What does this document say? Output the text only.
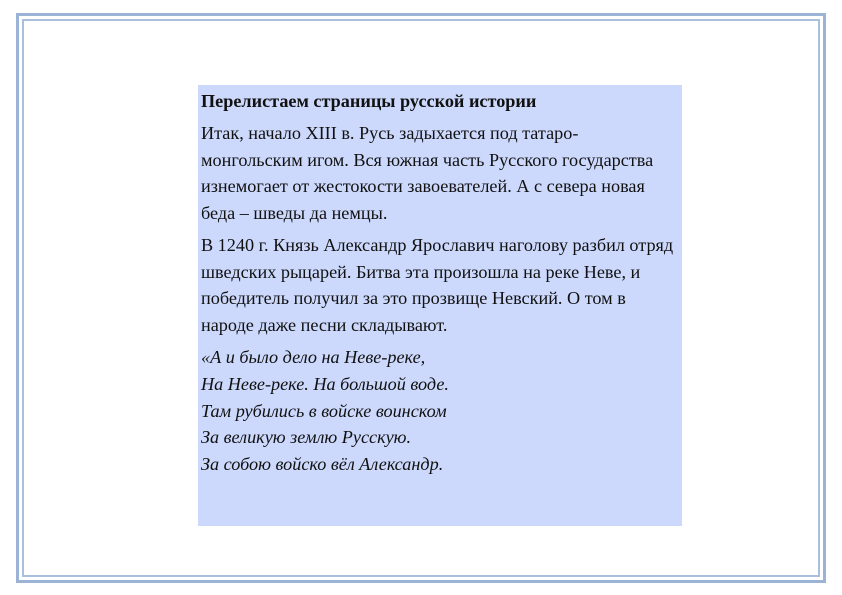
Перелистаем страницы русской истории
Итак, начало XIII в. Русь задыхается под татаро-монгольским игом. Вся южная часть Русского государства изнемогает от жестокости завоевателей. А с севера новая беда – шведы да немцы.
В 1240 г. Князь Александр Ярославич наголову разбил отряд шведских рыцарей. Битва эта произошла на реке Неве, и победитель получил за это прозвище Невский. О том в народе даже песни складывают.
«А и было дело на Неве-реке,
На Неве-реке. На большой воде.
Там рубились в войске воинском
За великую землю Русскую.
За собою войско вёл Александр.
